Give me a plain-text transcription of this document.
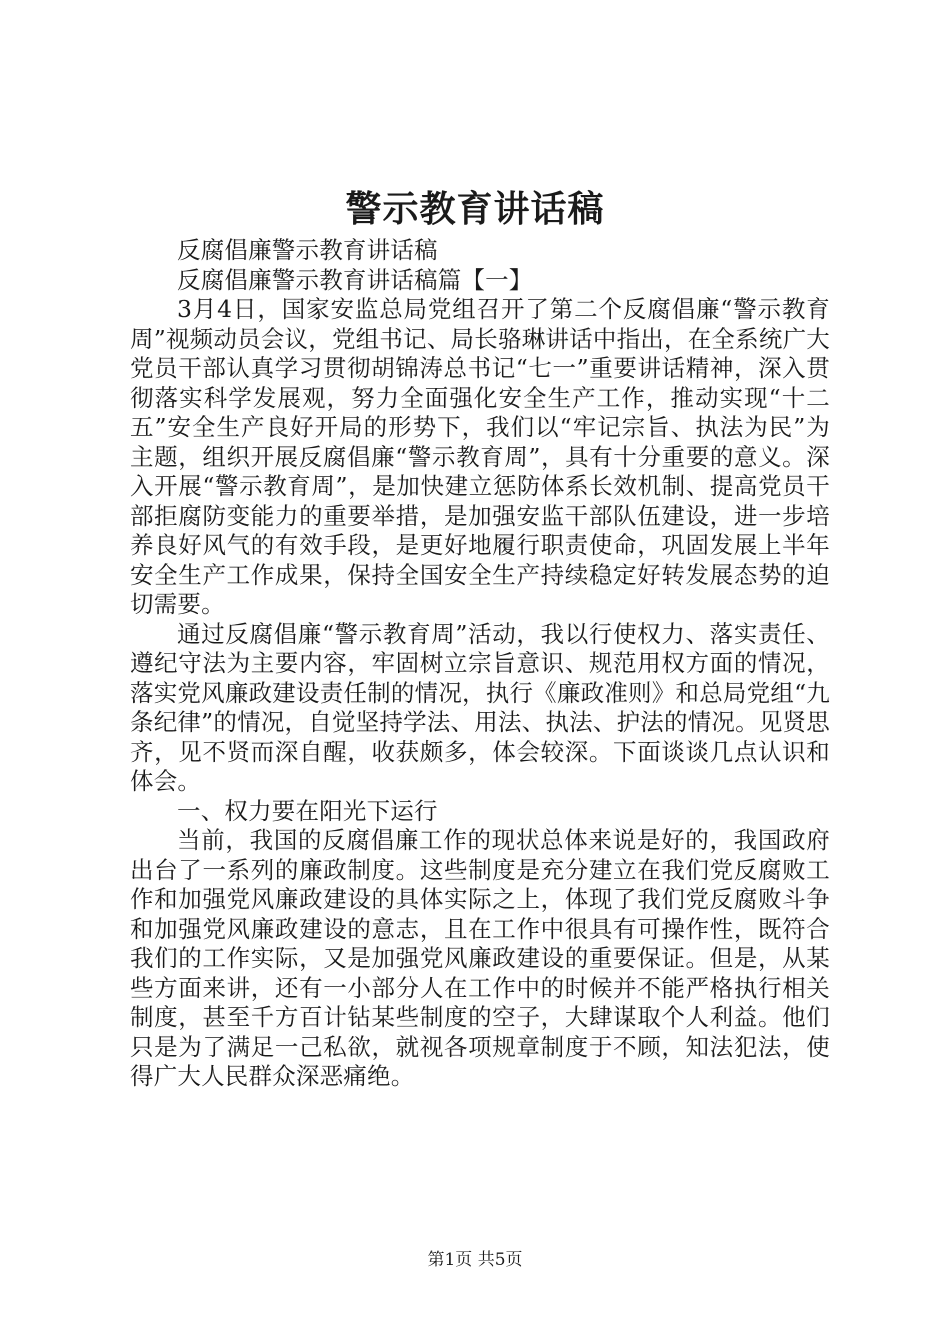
警示教育讲话稿

反腐倡廉警示教育讲话稿

反腐倡廉警示教育讲话稿篇【一】

3月4日，国家安监总局党组召开了第二个反腐倡廉“警示教育周”视频动员会议，党组书记、局长骆琳讲话中指出，在全系统广大党员干部认真学习贯彻胡锦涛总书记“七一”重要讲话精神，深入贯彻落实科学发展观，努力全面强化安全生产工作，推动实现“十二五”安全生产良好开局的形势下，我们以“牢记宗旨、执法为民”为主题，组织开展反腐倡廉“警示教育周”，具有十分重要的意义。深入开展“警示教育周”，是加快建立惩防体系长效机制、提高党员干部拒腐防变能力的重要举措，是加强安监干部队伍建设，进一步培养良好风气的有效手段，是更好地履行职责使命，巩固发展上半年安全生产工作成果，保持全国安全生产持续稳定好转发展态势的迫切需要。

通过反腐倡廉“警示教育周”活动，我以行使权力、落实责任、遵纪守法为主要内容，牢固树立宗旨意识、规范用权方面的情况，落实党风廉政建设责任制的情况，执行《廉政准则》和总局党组“九条纪律”的情况，自觉坚持学法、用法、执法、护法的情况。见贤思齐，见不贤而深自醒，收获颇多，体会较深。下面谈谈几点认识和体会。

一、权力要在阳光下运行

当前，我国的反腐倡廉工作的现状总体来说是好的，我国政府出台了一系列的廉政制度。这些制度是充分建立在我们党反腐败工作和加强党风廉政建设的具体实际之上，体现了我们党反腐败斗争和加强党风廉政建设的意志，且在工作中很具有可操作性，既符合我们的工作实际，又是加强党风廉政建设的重要保证。但是，从某些方面来讲，还有一小部分人在工作中的时候并不能严格执行相关制度，甚至千方百计钻某些制度的空子，大肆谋取个人利益。他们只是为了满足一己私欲，就视各项规章制度于不顾，知法犯法，使得广大人民群众深恶痛绝。

第1页 共5页
